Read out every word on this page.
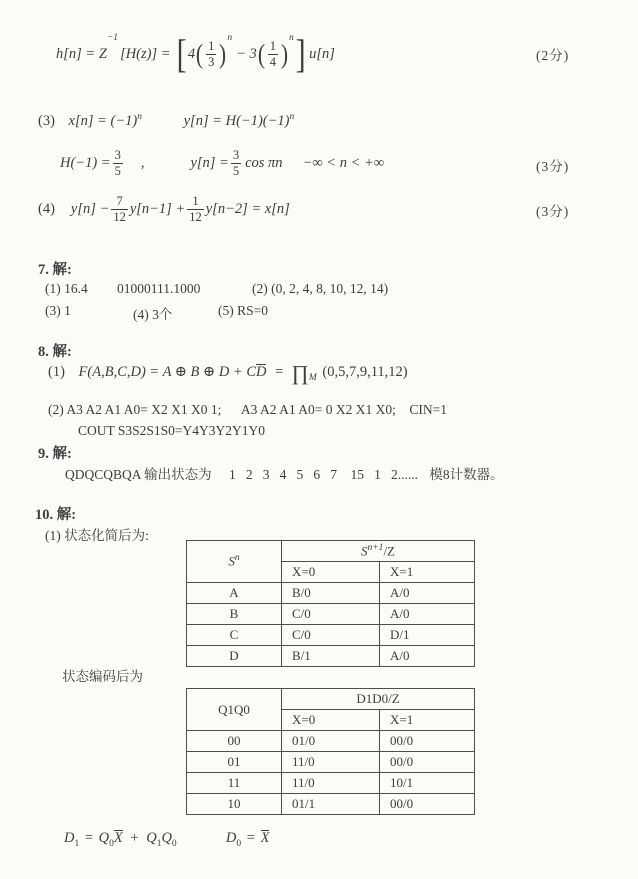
h[n] = Z
−1
[H(z)] = [ 4 ( $\frac{1}{3}$ )
n
− 3 ( $\frac{1}{4}$ )
n ] u[n]	(2分)
(3) $x[n] = (-1)^n$	$y[n] = H(-1)(-1)^n$
$H(-1) = \frac{3}{5}$ ,	$y[n] = \frac{3}{5}$ cos πn −∞ < n < +∞	(3分)
(4) $y[n] - \frac{7}{12} y[n-1] + \frac{1}{12} y[n-2] = x[n]$	(3分)
7. 解:
(1) 16.4 01000111.1000	(2) (0, 2, 4, 8, 10, 12, 14)
(3) 1	(4) 3个	(5) RS=0
8. 解:
(1) F(A,B,C,D) = A ⊕ B ⊕ D + CD = $\prod_M$ (0,5,7,9,11,12)
(2) A3 A2 A1 A0= X2 X1 X0 1;      A3 A2 A1 A0= 0 X2 X1 X0;    CIN=1
COUT S3S2S1S0=Y4Y3Y2Y1Y0
9. 解:
QDQCQBQA 输出状态为 1   2   3   4   5   6   7    15   1   2...... 模8计数器。
10. 解:
(1) 状态化简后为:
$S^n$	$S^{n+1}/Z$	
	X=0	X=1
A	B/0	A/0
B	C/0	A/0
C	C/0	D/1
D	B/1	A/0
状态编码后为
Q1Q0	D1D0/Z	
	X=0	X=1
00	01/0	00/0
01	11/0	00/0
11	11/0	10/1
10	01/1	00/0
$D_1 = Q_0X + Q_1Q_0$	$D_0 = X$
